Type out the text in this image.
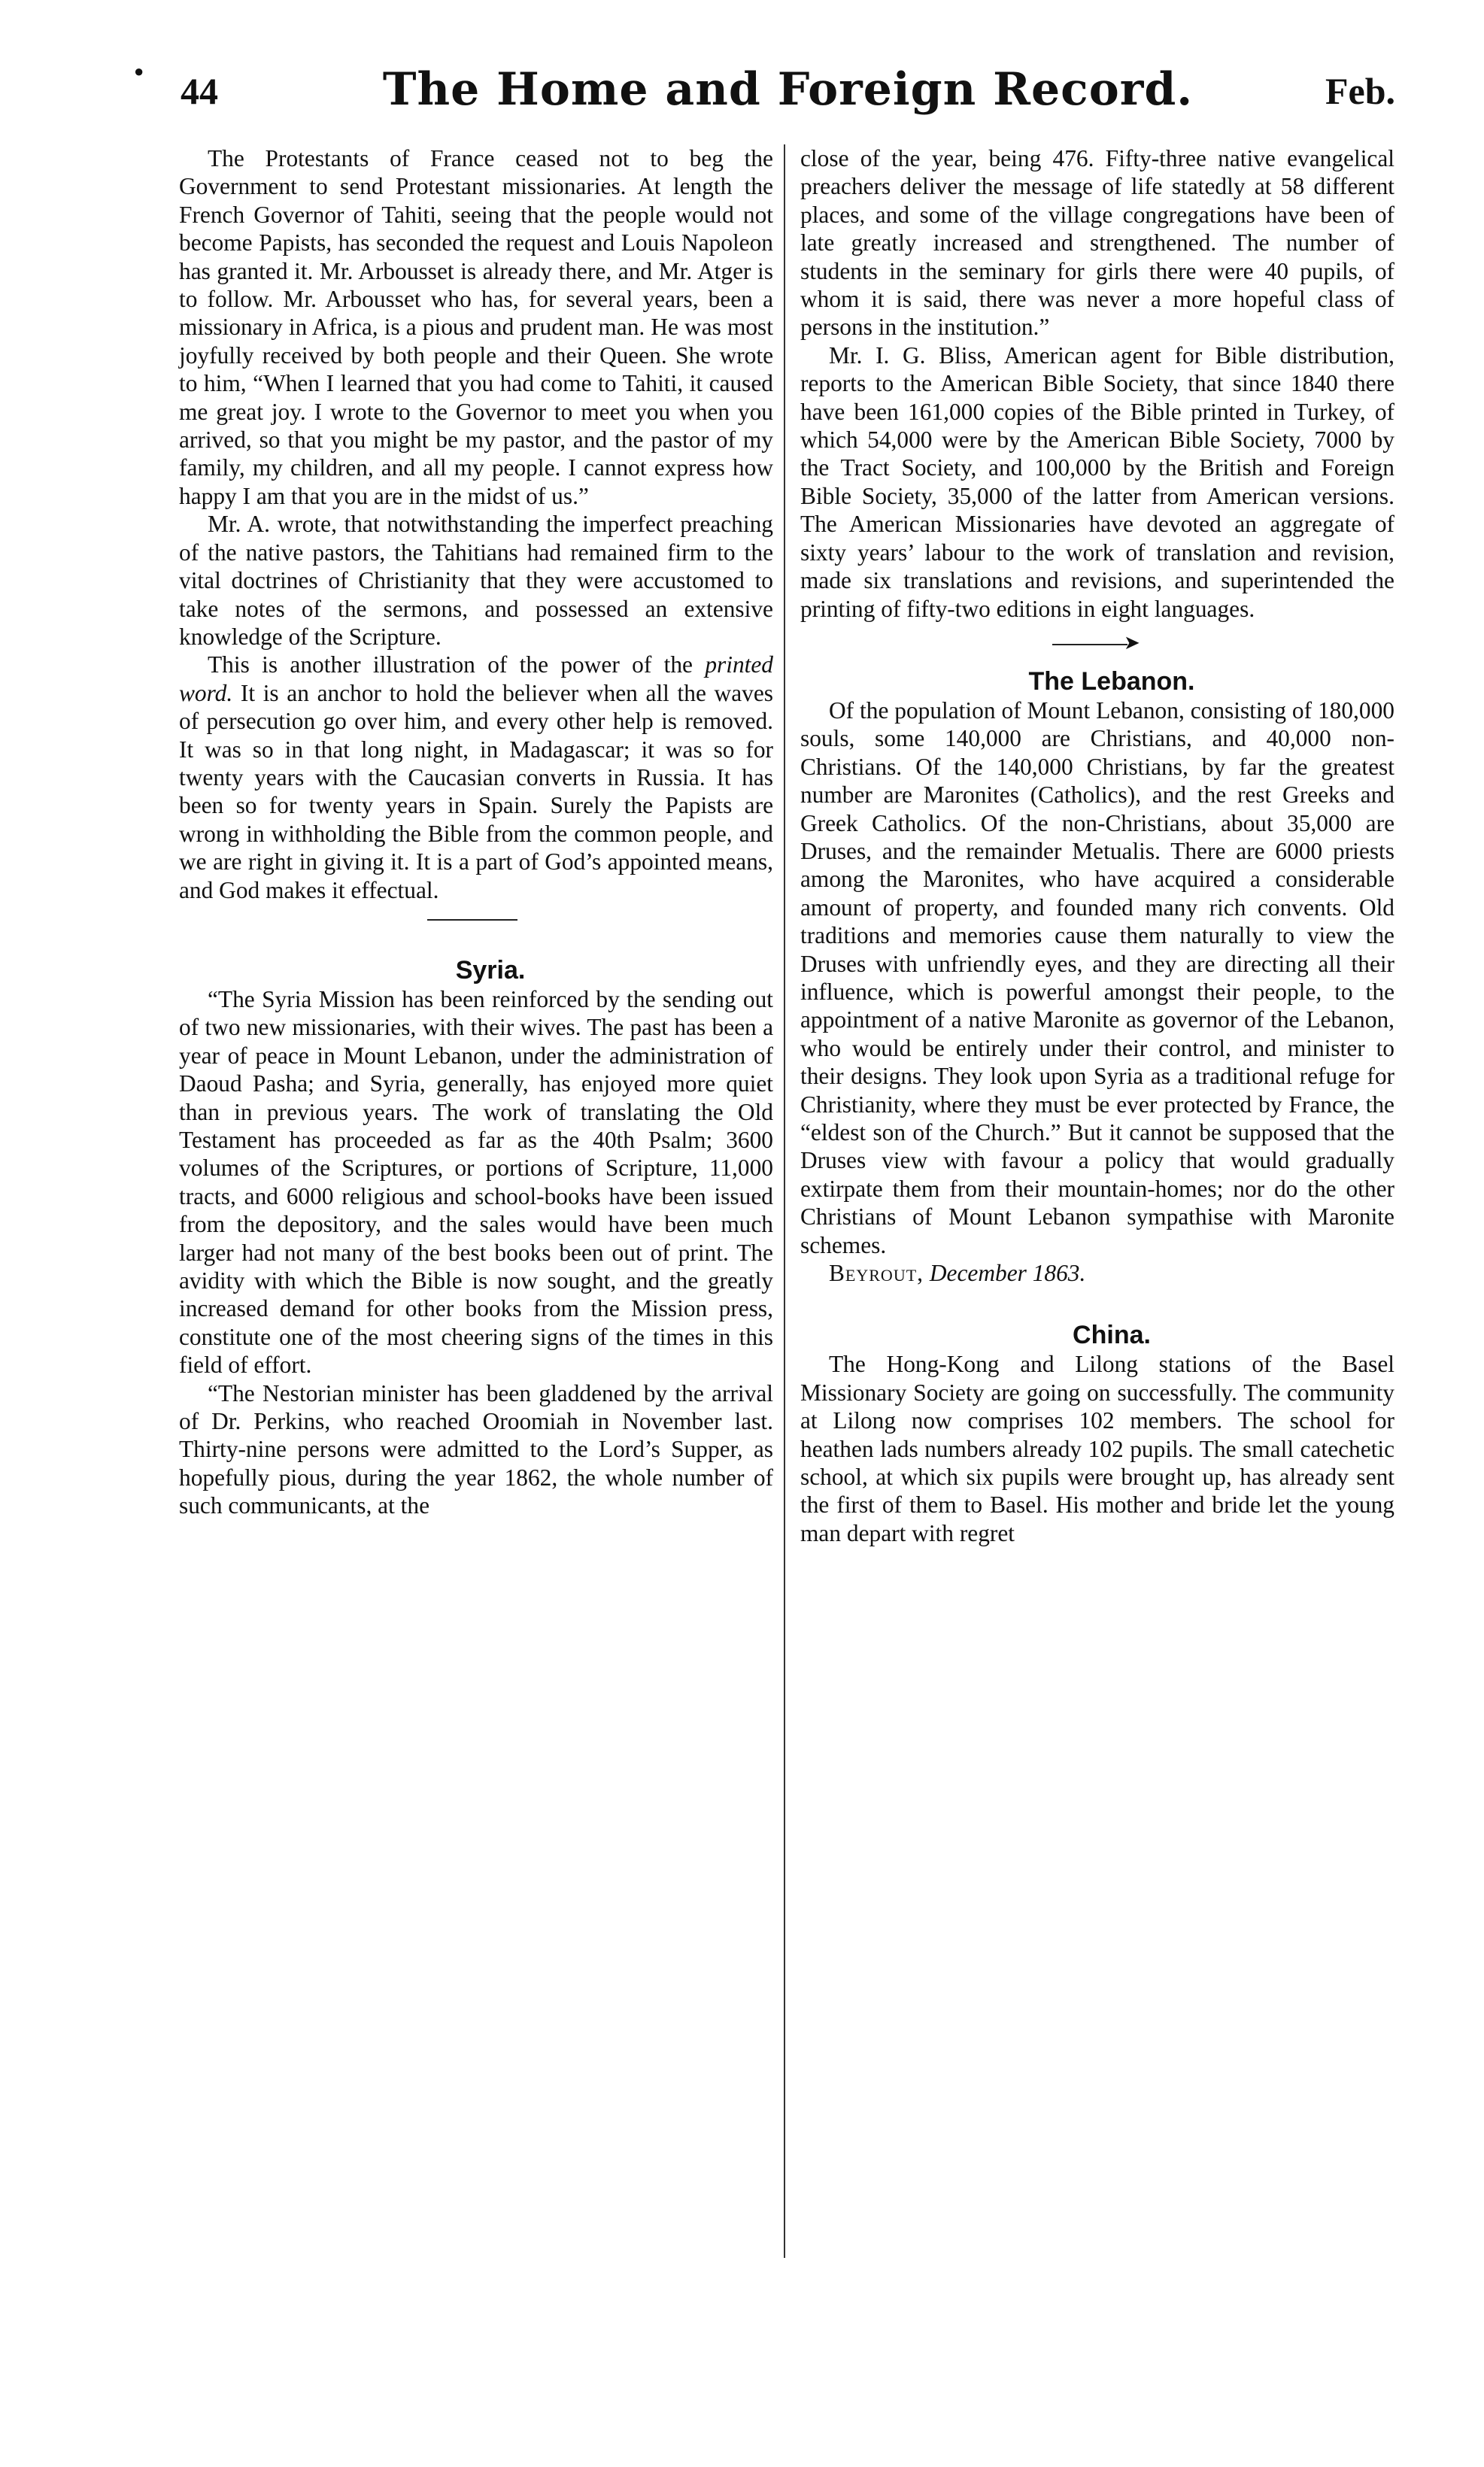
● 44	The Home and Foreign Record.	Feb.

The Protestants of France ceased not to beg the Government to send Protestant missionaries. At length the French Governor of Tahiti, seeing that the people would not become Papists, has seconded the request and Louis Napoleon has granted it. Mr. Arbousset is already there, and Mr. Atger is to follow. Mr. Arbousset who has, for several years, been a missionary in Africa, is a pious and prudent man. He was most joyfully received by both people and their Queen. She wrote to him, “When I learned that you had come to Tahiti, it caused me great joy. I wrote to the Governor to meet you when you arrived, so that you might be my pastor, and the pastor of my family, my children, and all my people. I cannot express how happy I am that you are in the midst of us.”

Mr. A. wrote, that notwithstanding the imperfect preaching of the native pastors, the Tahitians had remained firm to the vital doctrines of Christianity that they were accustomed to take notes of the sermons, and possessed an extensive knowledge of the Scripture.

This is another illustration of the power of the printed word. It is an anchor to hold the believer when all the waves of persecution go over him, and every other help is removed. It was so in that long night, in Madagascar; it was so for twenty years with the Caucasian converts in Russia. It has been so for twenty years in Spain. Surely the Papists are wrong in withholding the Bible from the common people, and we are right in giving it. It is a part of God’s appointed means, and God makes it effectual.

Syria.

“The Syria Mission has been reinforced by the sending out of two new missionaries, with their wives. The past has been a year of peace in Mount Lebanon, under the administration of Daoud Pasha; and Syria, generally, has enjoyed more quiet than in previous years. The work of translating the Old Testament has proceeded as far as the 40th Psalm; 3600 volumes of the Scriptures, or portions of Scripture, 11,000 tracts, and 6000 religious and school-books have been issued from the depository, and the sales would have been much larger had not many of the best books been out of print. The avidity with which the Bible is now sought, and the greatly increased demand for other books from the Mission press, constitute one of the most cheering signs of the times in this field of effort.

“The Nestorian minister has been gladdened by the arrival of Dr. Perkins, who reached Oroomiah in November last. Thirty-nine persons were admitted to the Lord’s Supper, as hopefully pious, during the year 1862, the whole number of such communicants, at the

close of the year, being 476. Fifty-three native evangelical preachers deliver the message of life statedly at 58 different places, and some of the village congregations have been of late greatly increased and strengthened. The number of students in the seminary for girls there were 40 pupils, of whom it is said, there was never a more hopeful class of persons in the institution.”

Mr. I. G. Bliss, American agent for Bible distribution, reports to the American Bible Society, that since 1840 there have been 161,000 copies of the Bible printed in Turkey, of which 54,000 were by the American Bible Society, 7000 by the Tract Society, and 100,000 by the British and Foreign Bible Society, 35,000 of the latter from American versions. The American Missionaries have devoted an aggregate of sixty years’ labour to the work of translation and revision, made six translations and revisions, and superintended the printing of fifty-two editions in eight languages.

➤

The Lebanon.

Of the population of Mount Lebanon, consisting of 180,000 souls, some 140,000 are Christians, and 40,000 non-Christians. Of the 140,000 Christians, by far the greatest number are Maronites (Catholics), and the rest Greeks and Greek Catholics. Of the non-Christians, about 35,000 are Druses, and the remainder Metualis. There are 6000 priests among the Maronites, who have acquired a considerable amount of property, and founded many rich convents. Old traditions and memories cause them naturally to view the Druses with unfriendly eyes, and they are directing all their influence, which is powerful amongst their people, to the appointment of a native Maronite as governor of the Lebanon, who would be entirely under their control, and minister to their designs. They look upon Syria as a traditional refuge for Christianity, where they must be ever protected by France, the “eldest son of the Church.” But it cannot be supposed that the Druses view with favour a policy that would gradually extirpate them from their mountain-homes; nor do the other Christians of Mount Lebanon sympathise with Maronite schemes.

Beyrout, December 1863.

China.

The Hong-Kong and Lilong stations of the Basel Missionary Society are going on successfully. The community at Lilong now comprises 102 members. The school for heathen lads numbers already 102 pupils. The small catechetic school, at which six pupils were brought up, has already sent the first of them to Basel. His mother and bride let the young man depart with regret
